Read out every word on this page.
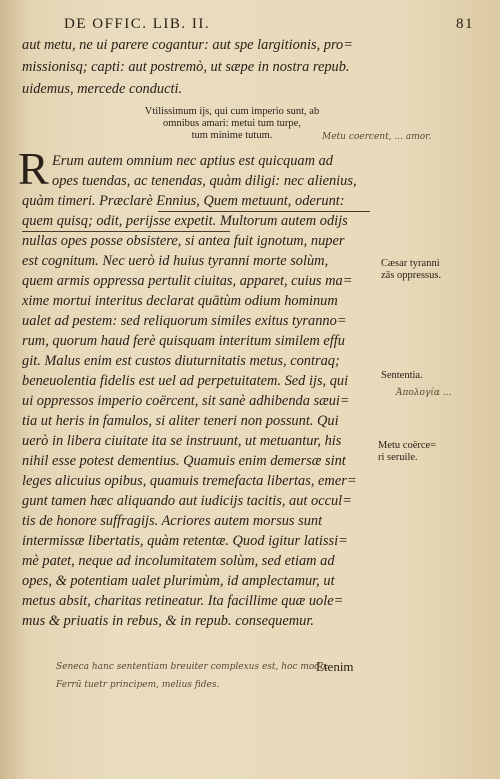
DE OFFIC. LIB. II.	81
aut metu, ne ui parere cogantur: aut spe largitionis, pro=
missionisq; capti: aut postremò, ut sæpe in nostra repub.
uidemus, mercede conducti.
Vtilissimum ijs, qui cum imperio sunt, ab
omnibus amari: metui tum turpe,
tum minime tutum.
R Erum autem omnium nec aptius est quicquam ad
opes tuendas, ac tenendas, quàm diligi: nec alienius,
quàm timeri. Præclarè Ennius, Quem metuunt, oderunt:
quem quisq; odit, perijsse expetit. Multorum autem odijs
nullas opes posse obsistere, si antea fuit ignotum, nuper
est cognitum. Nec uerò id huius tyranni morte solùm,
quem armis oppressa pertulit ciuitas, apparet, cuius ma=
xime mortui interitus declarat quātùm odium hominum
ualet ad pestem: sed reliquorum similes exitus tyranno=
rum, quorum haud ferè quisquam interitum similem effu
git. Malus enim est custos diuturnitatis metus, contraq;
beneuolentia fidelis est uel ad perpetuitatem. Sed ijs, qui
ui oppressos imperio coërcent, sit sanè adhibenda sæui=
tia ut heris in famulos, si aliter teneri non possunt. Qui
uerò in libera ciuitate ita se instruunt, ut metuantur, his
nihil esse potest dementius. Quamuis enim demersæ sint
leges alicuius opibus, quamuis tremefacta libertas, emer=
gunt tamen hæc aliquando aut iudicijs tacitis, aut occul=
tis de honore suffragijs. Acriores autem morsus sunt
intermissæ libertatis, quàm retentæ. Quod igitur latissi=
mè patet, neque ad incolumitatem solùm, sed etiam ad
opes, & potentiam ualet plurimùm, id amplectamur, ut
metus absit, charitas retineatur. Ita facillime quæ uole=
mus & priuatis in rebus, & in repub. consequemur.
Etenim
Cæsar tyranni
zās oppressus.
Sententia.
Metu coërce=
ri seruile.
Metu coercent, ... amor.
Ἀπολογία ...
Seneca hanc sententiam breuiter complexus est, hoc modo:
Ferrū tuetr principem, melius fides.
